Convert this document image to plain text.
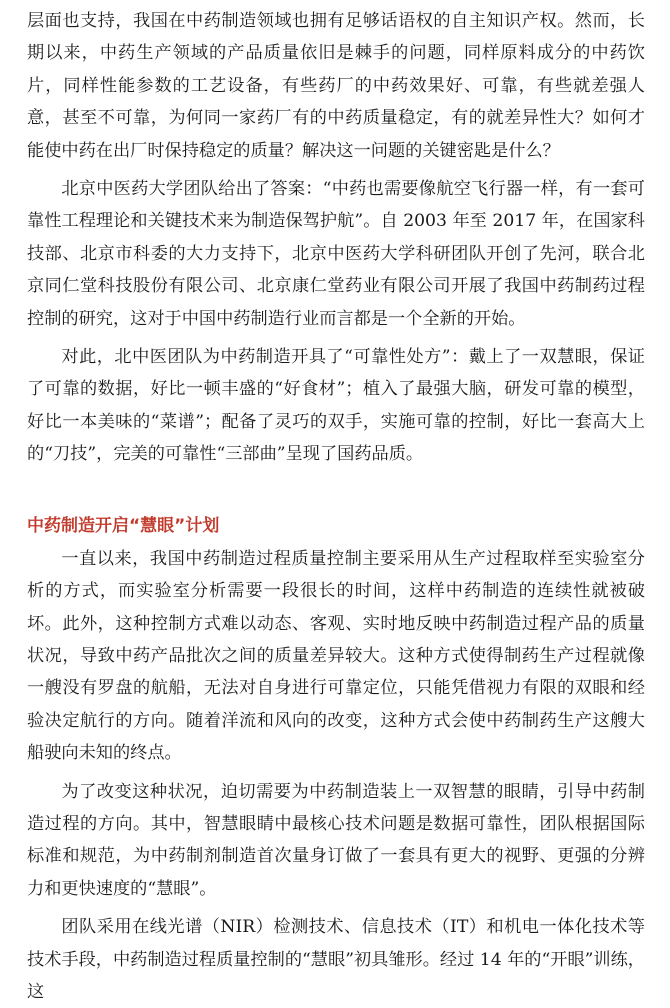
层面也支持，我国在中药制造领域也拥有足够话语权的自主知识产权。然而，长期以来，中药生产领域的产品质量依旧是棘手的问题，同样原料成分的中药饮片，同样性能参数的工艺设备，有些药厂的中药效果好、可靠，有些就差强人意，甚至不可靠，为何同一家药厂有的中药质量稳定，有的就差异性大？如何才能使中药在出厂时保持稳定的质量？解决这一问题的关键密匙是什么？

北京中医药大学团队给出了答案：“中药也需要像航空飞行器一样，有一套可靠性工程理论和关键技术来为制造保驾护航”。自 2003 年至 2017 年，在国家科技部、北京市科委的大力支持下，北京中医药大学科研团队开创了先河，联合北京同仁堂科技股份有限公司、北京康仁堂药业有限公司开展了我国中药制药过程控制的研究，这对于中国中药制造行业而言都是一个全新的开始。

对此，北中医团队为中药制造开具了“可靠性处方”：戴上了一双慧眼，保证了可靠的数据，好比一顿丰盛的“好食材”；植入了最强大脑，研发可靠的模型，好比一本美味的“菜谱”；配备了灵巧的双手，实施可靠的控制，好比一套高大上的“刀技”，完美的可靠性“三部曲”呈现了国药品质。

中药制造开启“慧眼”计划

一直以来，我国中药制造过程质量控制主要采用从生产过程取样至实验室分析的方式，而实验室分析需要一段很长的时间，这样中药制造的连续性就被破坏。此外，这种控制方式难以动态、客观、实时地反映中药制造过程产品的质量状况，导致中药产品批次之间的质量差异较大。这种方式使得制药生产过程就像一艘没有罗盘的航船，无法对自身进行可靠定位，只能凭借视力有限的双眼和经验决定航行的方向。随着洋流和风向的改变，这种方式会使中药制药生产这艘大船驶向未知的终点。

为了改变这种状况，迫切需要为中药制造装上一双智慧的眼睛，引导中药制造过程的方向。其中，智慧眼睛中最核心技术问题是数据可靠性，团队根据国际标准和规范，为中药制剂制造首次量身订做了一套具有更大的视野、更强的分辨力和更快速度的“慧眼”。

团队采用在线光谱（NIR）检测技术、信息技术（IT）和机电一体化技术等技术手段，中药制造过程质量控制的“慧眼”初具雏形。经过 14 年的“开眼”训练，这
